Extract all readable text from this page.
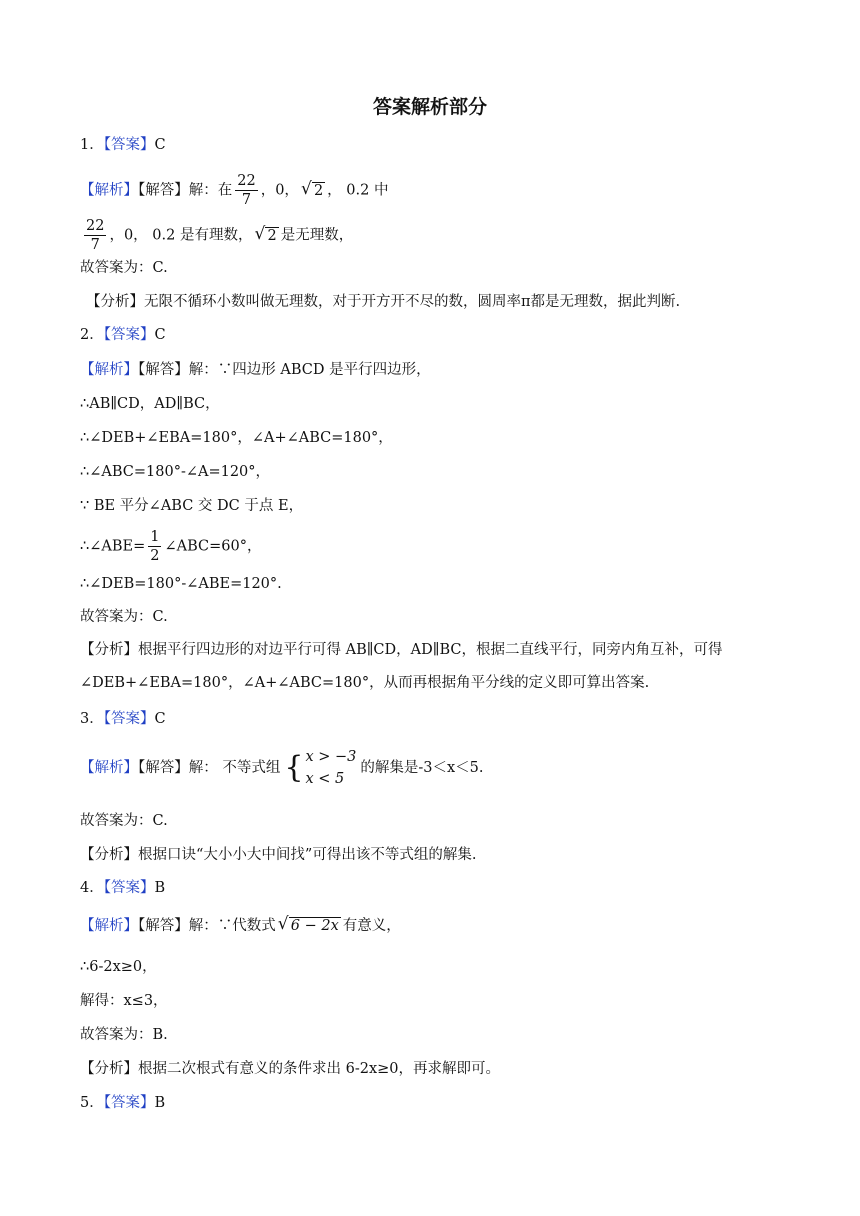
答案解析部分
1．【答案】C
【解析】【解答】解：在 $\frac{22}{7}$ ，0， √ 2 ， 0.2 中
$\frac{22}{7}$ ，0， 0.2 是有理数， √ 2 是无理数，
故答案为：C.
【分析】无限不循环小数叫做无理数，对于开方开不尽的数，圆周率π都是无理数，据此判断.
2．【答案】C
【解析】【解答】解：∵四边形 ABCD 是平行四边形，
∴AB∥CD，AD∥BC，
∴∠DEB+∠EBA=180°，∠A+∠ABC=180°，
∴∠ABC=180°-∠A=120°，
∵ BE 平分∠ABC 交 DC 于点 E，
∴∠ABE= $\frac{1}{2}$ ∠ABC=60°，
∴∠DEB=180°-∠ABE=120°.
故答案为：C.
【分析】根据平行四边形的对边平行可得 AB∥CD，AD∥BC，根据二直线平行，同旁内角互补，可得∠DEB+∠EBA=180°，∠A+∠ABC=180°，从而再根据角平分线的定义即可算出答案.
3．【答案】C
【解析】【解答】解： 不等式组 { x > −3
x < 5
的解集是-3＜x＜5.
故答案为：C.
【分析】根据口诀“大小小大中间找”可得出该不等式组的解集.
4．【答案】B
【解析】【解答】解：∵代数式 √ 6 − 2x 有意义，
∴6-2x≥0，
解得：x≤3，
故答案为：B.
【分析】根据二次根式有意义的条件求出 6-2x≥0，再求解即可。
5．【答案】B
